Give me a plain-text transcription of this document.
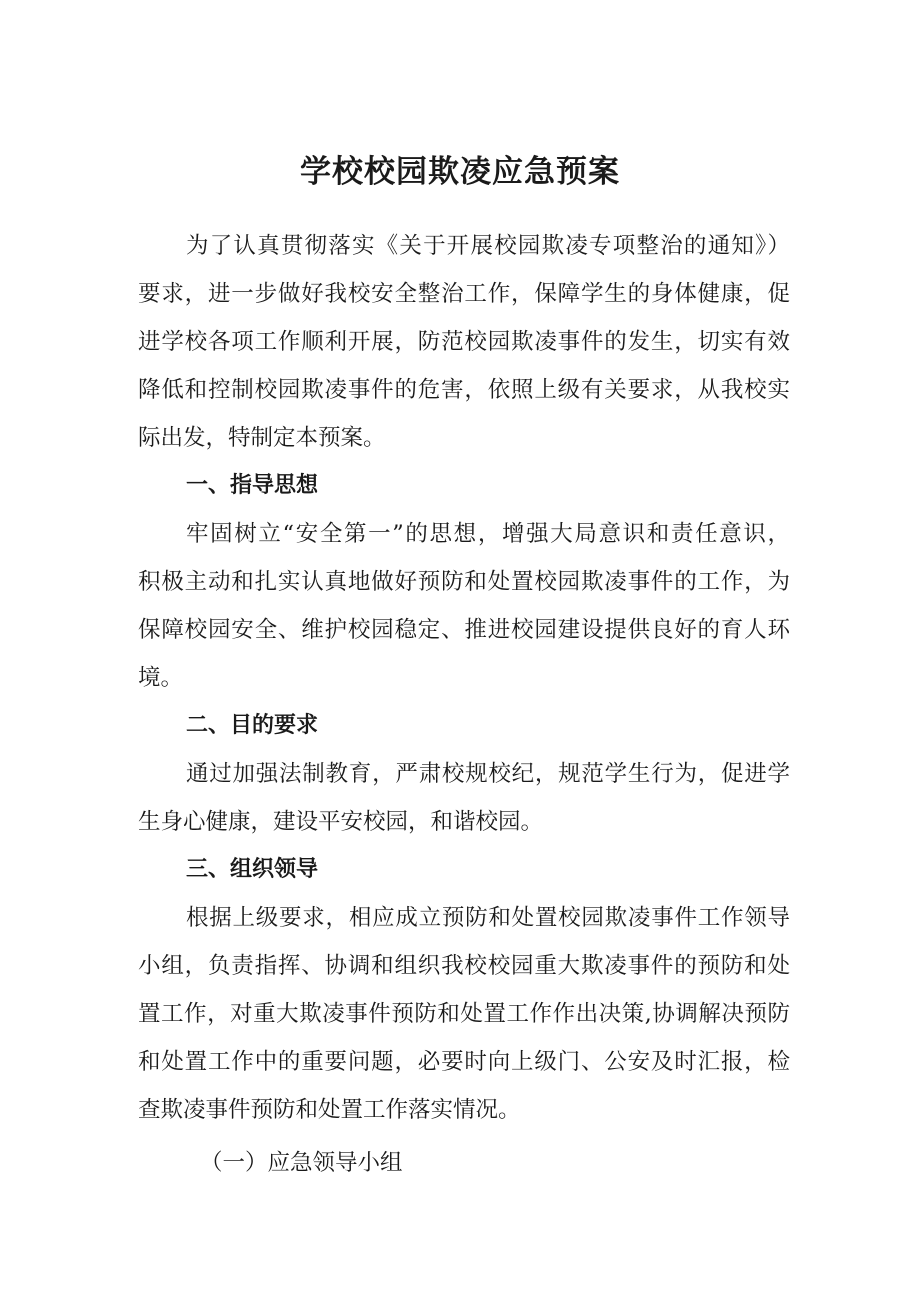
学校校园欺凌应急预案

为了认真贯彻落实《关于开展校园欺凌专项整治的通知》）

要求，进一步做好我校安全整治工作，保障学生的身体健康，促

进学校各项工作顺利开展，防范校园欺凌事件的发生，切实有效

降低和控制校园欺凌事件的危害，依照上级有关要求，从我校实

际出发，特制定本预案。

一、指导思想

牢固树立“安全第一”的思想，增强大局意识和责任意识，

积极主动和扎实认真地做好预防和处置校园欺凌事件的工作，为

保障校园安全、维护校园稳定、推进校园建设提供良好的育人环

境。

二、目的要求

通过加强法制教育，严肃校规校纪，规范学生行为，促进学

生身心健康，建设平安校园，和谐校园。

三、组织领导

根据上级要求，相应成立预防和处置校园欺凌事件工作领导

小组，负责指挥、协调和组织我校校园重大欺凌事件的预防和处

置工作，对重大欺凌事件预防和处置工作作出决策,协调解决预防

和处置工作中的重要问题，必要时向上级门、公安及时汇报，检

查欺凌事件预防和处置工作落实情况。

（一）应急领导小组
